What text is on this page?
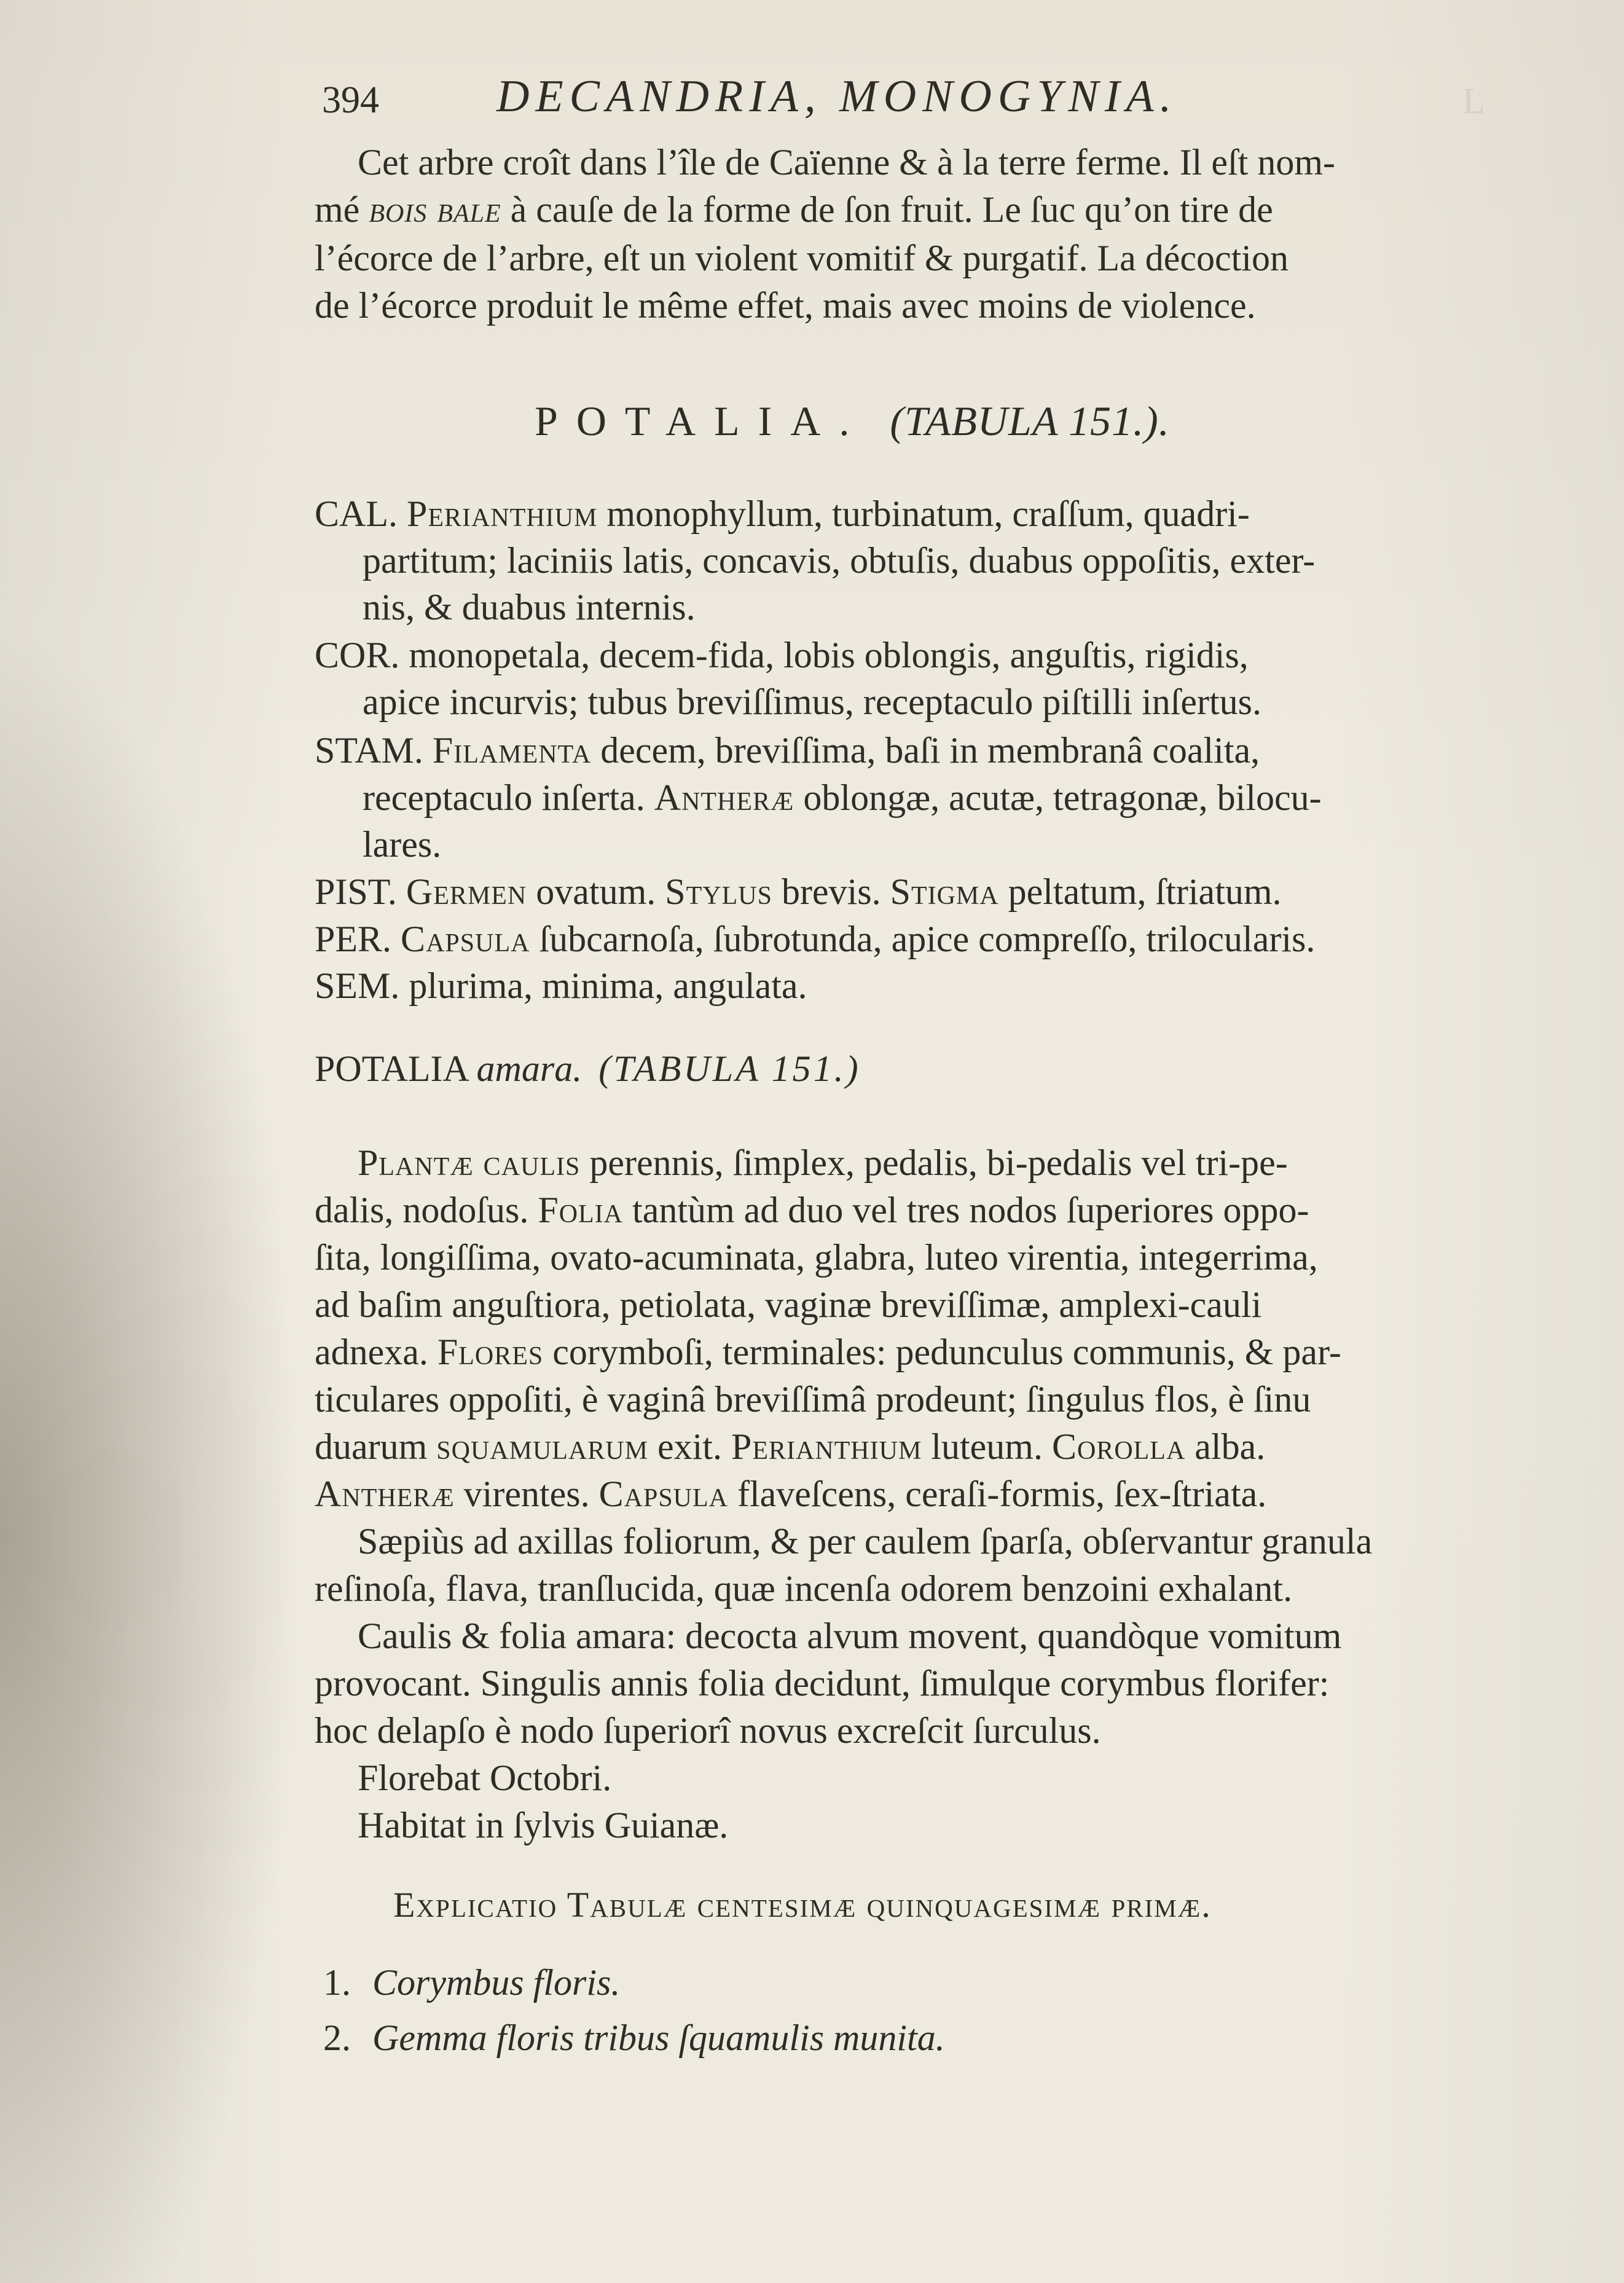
L
394	DECANDRIA, MONOGYNIA.
Cet arbre croît dans l’île de Caïenne & à la terre ferme. Il eſt nom-
mé bois bale à cauſe de la forme de ſon fruit. Le ſuc qu’on tire de
l’écorce de l’arbre, eſt un violent vomitif & purgatif. La décoction
de l’écorce produit le même effet, mais avec moins de violence.
POTALIA. (TABULA 151.).
CAL. Perianthium monophyllum, turbinatum, craſſum, quadri-
partitum; laciniis latis, concavis, obtuſis, duabus oppoſitis, exter-
nis, & duabus internis.
COR. monopetala, decem-fida, lobis oblongis, anguſtis, rigidis,
apice incurvis; tubus breviſſimus, receptaculo piſtilli inſertus.
STAM. Filamenta decem, breviſſima, baſi in membranâ coalita,
receptaculo inſerta. Antheræ oblongæ, acutæ, tetragonæ, bilocu-
lares.
PIST. Germen ovatum. Stylus brevis. Stigma peltatum, ſtriatum.
PER. Capsula ſubcarnoſa, ſubrotunda, apice compreſſo, trilocularis.
SEM. plurima, minima, angulata.
POTALIA amara. (TABULA 151.)
Plantæ caulis perennis, ſimplex, pedalis, bi-pedalis vel tri-pe-
dalis, nodoſus. Folia tantùm ad duo vel tres nodos ſuperiores oppo-
ſita, longiſſima, ovato-acuminata, glabra, luteo virentia, integerrima,
ad baſim anguſtiora, petiolata, vaginæ breviſſimæ, amplexi-cauli
adnexa. Flores corymboſi, terminales: pedunculus communis, & par-
ticulares oppoſiti, è vaginâ breviſſimâ prodeunt; ſingulus flos, è ſinu
duarum squamularum exit. Perianthium luteum. Corolla alba.
Antheræ virentes. Capsula flaveſcens, ceraſi-formis, ſex-ſtriata.
Sæpiùs ad axillas foliorum, & per caulem ſparſa, obſervantur granula
reſinoſa, flava, tranſlucida, quæ incenſa odorem benzoini exhalant.
Caulis & folia amara: decocta alvum movent, quandòque vomitum
provocant. Singulis annis folia decidunt, ſimulque corymbus florifer:
hoc delapſo è nodo ſuperiorî novus excreſcit ſurculus.
Florebat Octobri.
Habitat in ſylvis Guianæ.
Explicatio Tabulæ centesimæ quinquagesimæ primæ.
1. Corymbus floris.
2. Gemma floris tribus ſquamulis munita.
